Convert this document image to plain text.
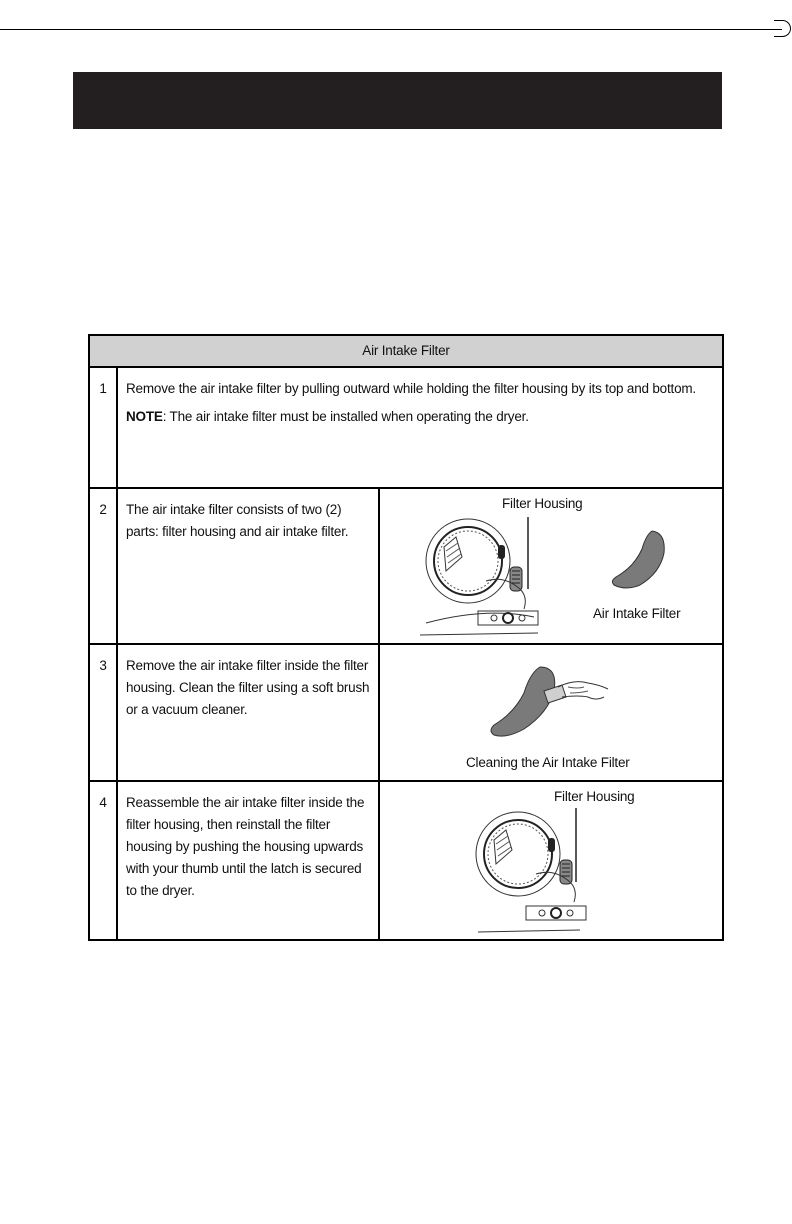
Air Intake Filter		
1	Remove the air intake filter by pulling outward while holding the filter housing by its top and bottom.
NOTE: The air intake filter must be installed when operating the dryer.	

2	The air intake filter consists of two (2) parts: filter housing and air intake filter.	Filter Housing
Air Intake Filter

3	Remove the air intake filter inside the filter housing. Clean the filter using a soft brush or a vacuum cleaner.	Cleaning the Air Intake Filter

4	Reassemble the air intake filter inside the filter housing, then reinstall the filter housing by pushing the housing upwards with your thumb until the latch is secured to the dryer.	Filter Housing
